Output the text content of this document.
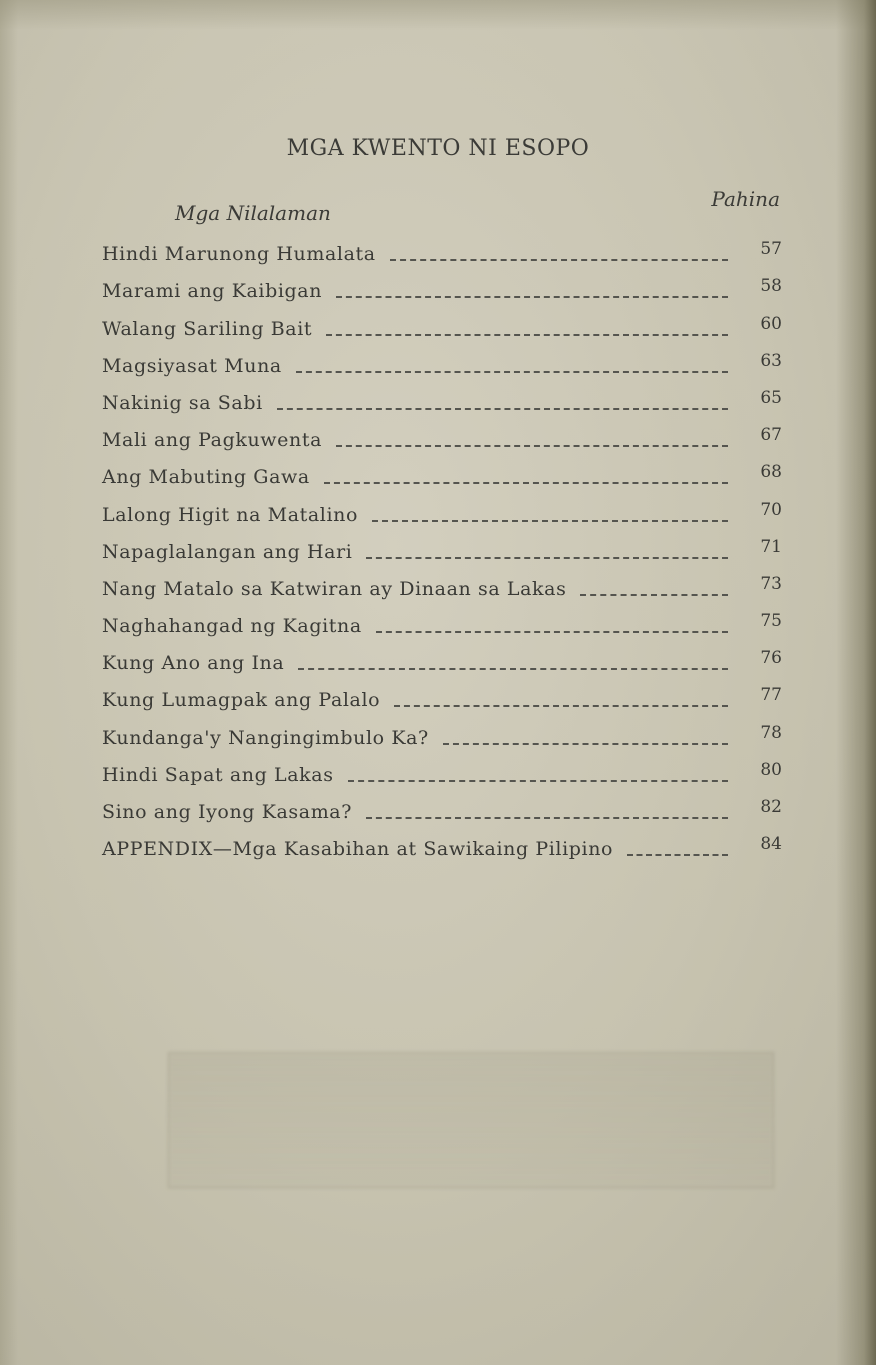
MGA KWENTO NI ESOPO
Mga Nilalaman
Pahina
Hindi Marunong Humalata	57
Marami ang Kaibigan	58
Walang Sariling Bait	60
Magsiyasat Muna	63
Nakinig sa Sabi	65
Mali ang Pagkuwenta	67
Ang Mabuting Gawa	68
Lalong Higit na Matalino	70
Napaglalangan ang Hari	71
Nang Matalo sa Katwiran ay Dinaan sa Lakas	73
Naghahangad ng Kagitna	75
Kung Ano ang Ina	76
Kung Lumagpak ang Palalo	77
Kundanga'y Nangingimbulo Ka?	78
Hindi Sapat ang Lakas	80
Sino ang Iyong Kasama?	82
APPENDIX—Mga Kasabihan at Sawikaing Pilipino	84
